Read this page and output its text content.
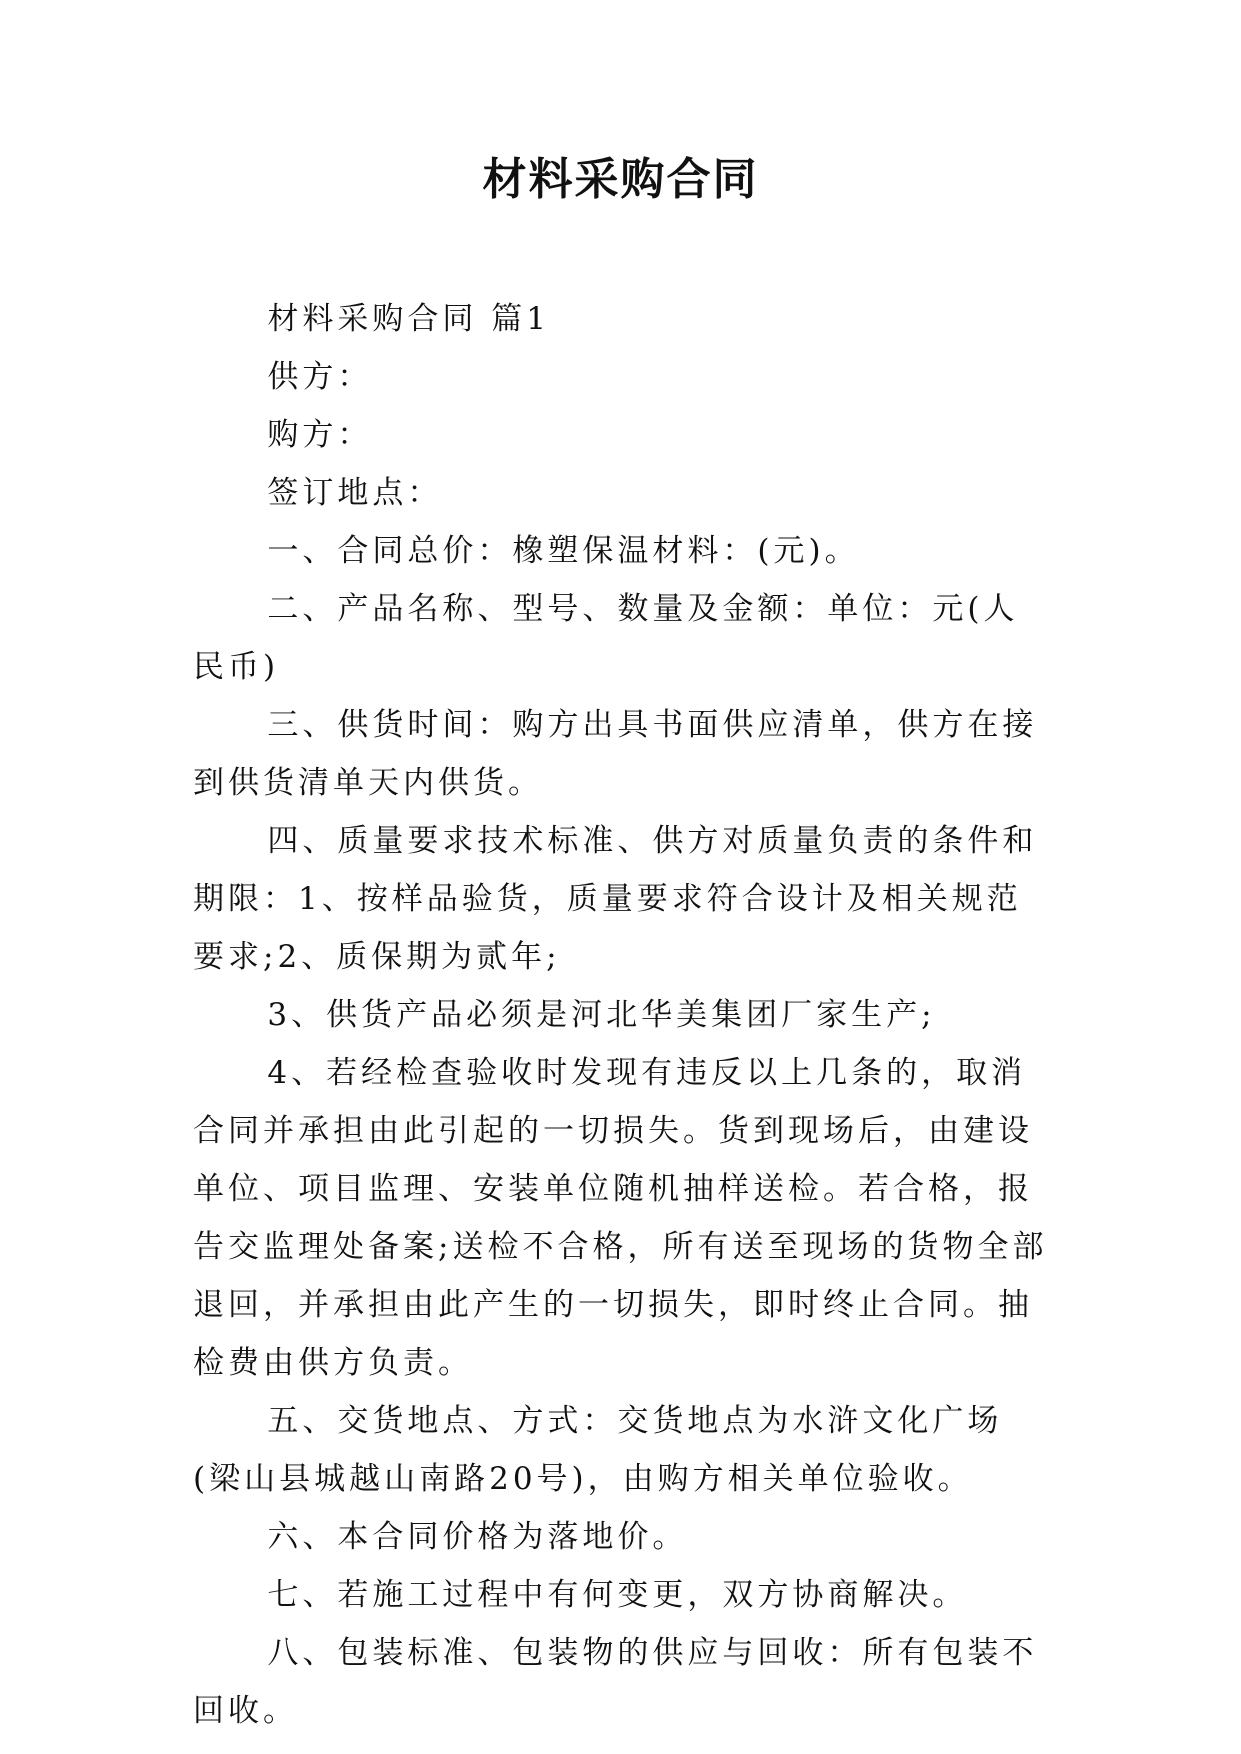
材料采购合同

材料采购合同 篇1

供方：

购方：

签订地点：

一、合同总价：橡塑保温材料：(元)。

二、产品名称、型号、数量及金额：单位：元(人民币)

三、供货时间：购方出具书面供应清单，供方在接到供货清单天内供货。

四、质量要求技术标准、供方对质量负责的条件和期限：1、按样品验货，质量要求符合设计及相关规范要求;2、质保期为贰年;

3、供货产品必须是河北华美集团厂家生产;

4、若经检查验收时发现有违反以上几条的，取消合同并承担由此引起的一切损失。货到现场后，由建设单位、项目监理、安装单位随机抽样送检。若合格，报告交监理处备案;送检不合格，所有送至现场的货物全部退回，并承担由此产生的一切损失，即时终止合同。抽检费由供方负责。

五、交货地点、方式：交货地点为水浒文化广场(梁山县城越山南路20号)，由购方相关单位验收。

六、本合同价格为落地价。

七、若施工过程中有何变更，双方协商解决。

八、包装标准、包装物的供应与回收：所有包装不回收。
